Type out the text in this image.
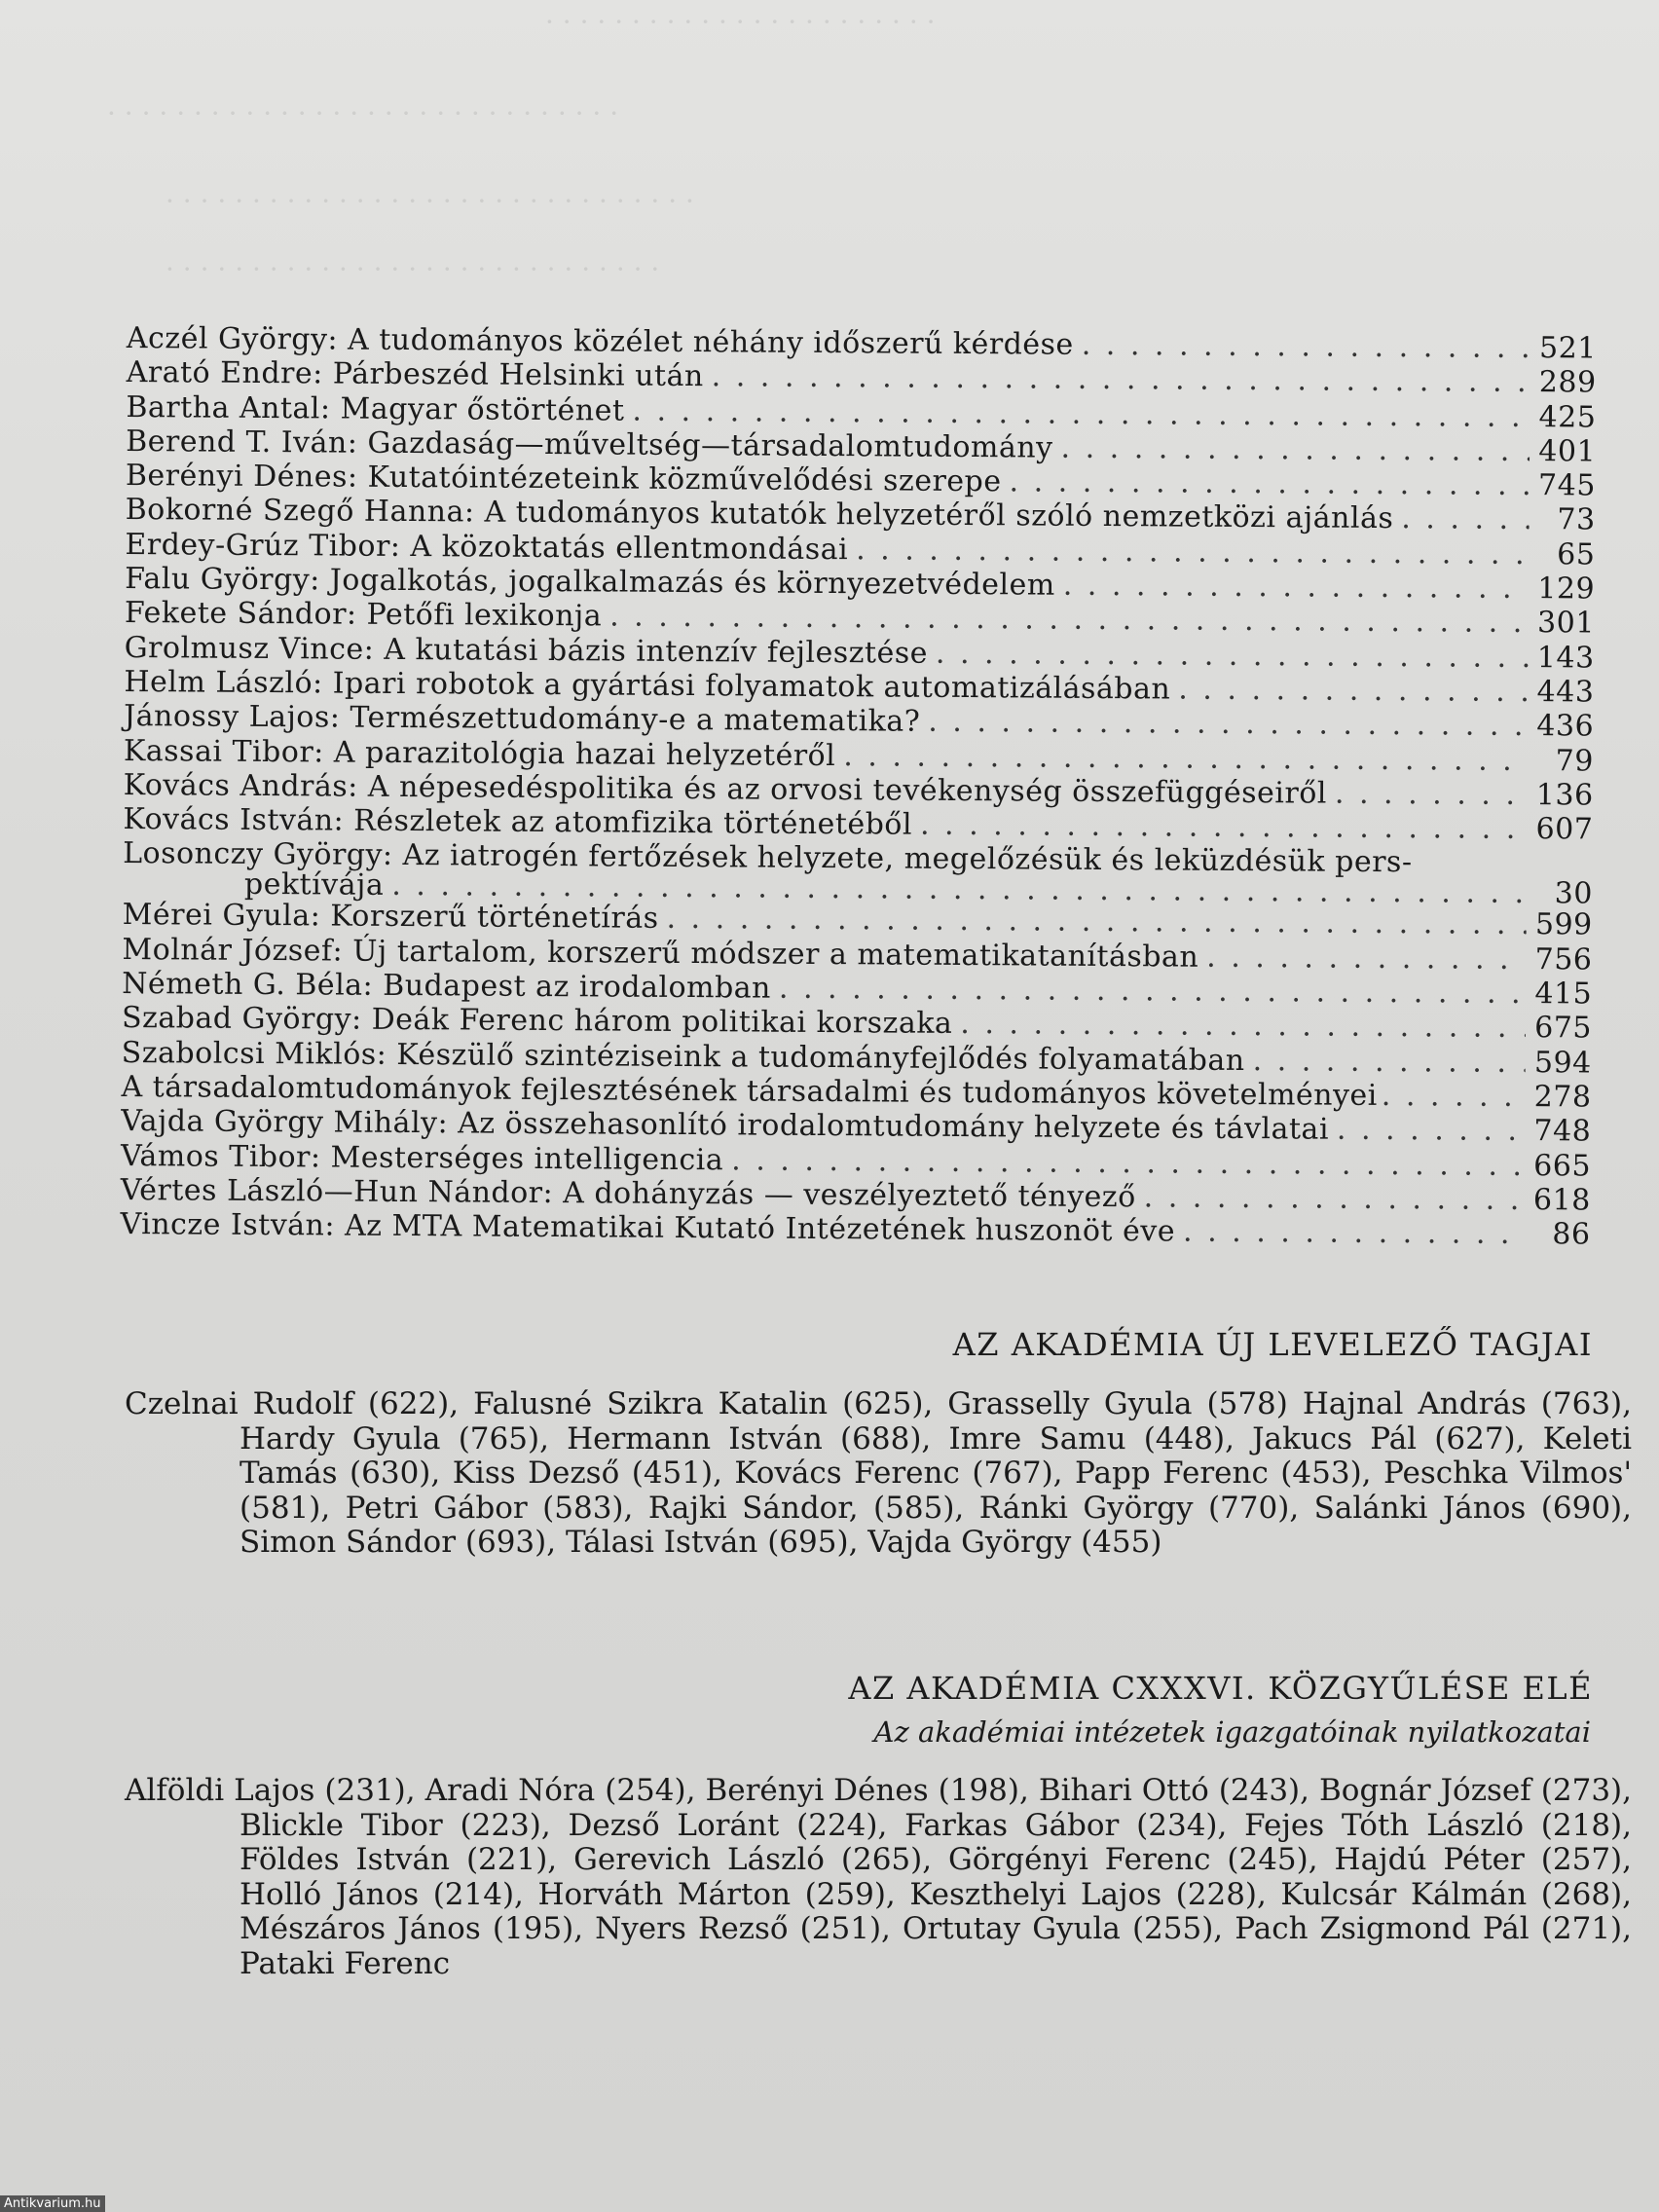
· · · · · · · · · · · · · · · · · · · · · · ·
· · · · · · · · · · · · · · · · · · · · · · · · · · · · · ·
· · · · · · · · · · · · · · · · · · · · · · · · · · · · · · ·
· · · · · · · · · · · · · · · · · · · · · · · · · · · · ·
Aczél György: A tudományos közélet néhány időszerű kérdése . . .	521
Arató Endre: Párbeszéd Helsinki után . . .	289
Bartha Antal: Magyar őstörténet . . .	425
Berend T. Iván: Gazdaság—műveltség—társadalomtudomány . . .	401
Berényi Dénes: Kutatóintézeteink közművelődési szerepe . . .	745
Bokorné Szegő Hanna: A tudományos kutatók helyzetéről szóló nemzetközi ajánlás . . .	73
Erdey-Grúz Tibor: A közoktatás ellentmondásai . . .	65
Falu György: Jogalkotás, jogalkalmazás és környezetvédelem . . .	129
Fekete Sándor: Petőfi lexikonja . . .	301
Grolmusz Vince: A kutatási bázis intenzív fejlesztése . . .	143
Helm László: Ipari robotok a gyártási folyamatok automatizálásában . . .	443
Jánossy Lajos: Természettudomány-e a matematika? . . .	436
Kassai Tibor: A parazitológia hazai helyzetéről . . .	79
Kovács András: A népesedéspolitika és az orvosi tevékenység összefüggéseiről . . .	136
Kovács István: Részletek az atomfizika történetéből . . .	607
Losonczy György: Az iatrogén fertőzések helyzete, megelőzésük és leküzdésük pers-
pektívája . . .	30
Mérei Gyula: Korszerű történetírás . . .	599
Molnár József: Új tartalom, korszerű módszer a matematikatanításban . . .	756
Németh G. Béla: Budapest az irodalomban . . .	415
Szabad György: Deák Ferenc három politikai korszaka . . .	675
Szabolcsi Miklós: Készülő szintéziseink a tudományfejlődés folyamatában . . .	594
A társadalomtudományok fejlesztésének társadalmi és tudományos követelményei . . .	278
Vajda György Mihály: Az összehasonlító irodalomtudomány helyzete és távlatai . . .	748
Vámos Tibor: Mesterséges intelligencia . . .	665
Vértes László—Hun Nándor: A dohányzás — veszélyeztető tényező . . .	618
Vincze István: Az MTA Matematikai Kutató Intézetének huszonöt éve . . .	86
AZ AKADÉMIA ÚJ LEVELEZŐ TAGJAI
Czelnai Rudolf (622), Falusné Szikra Katalin (625), Grasselly Gyula (578) Hajnal András (763), Hardy Gyula (765), Hermann István (688), Imre Samu (448), Jakucs Pál (627), Keleti Tamás (630), Kiss Dezső (451), Kovács Ferenc (767), Papp Ferenc (453), Peschka Vilmos' (581), Petri Gábor (583), Rajki Sándor, (585), Ránki György (770), Salánki János (690), Simon Sándor (693), Tálasi István (695), Vajda György (455)
AZ AKADÉMIA CXXXVI. KÖZGYŰLÉSE ELÉ
Az akadémiai intézetek igazgatóinak nyilatkozatai
Alföldi Lajos (231), Aradi Nóra (254), Berényi Dénes (198), Bihari Ottó (243), Bognár József (273), Blickle Tibor (223), Dezső Loránt (224), Farkas Gábor (234), Fejes Tóth László (218), Földes István (221), Gerevich László (265), Görgényi Ferenc (245), Hajdú Péter (257), Holló János (214), Horváth Márton (259), Keszthelyi Lajos (228), Kulcsár Kálmán (268), Mészáros János (195), Nyers Rezső (251), Ortutay Gyula (255), Pach Zsigmond Pál (271), Pataki Ferenc
Antikvarium.hu
